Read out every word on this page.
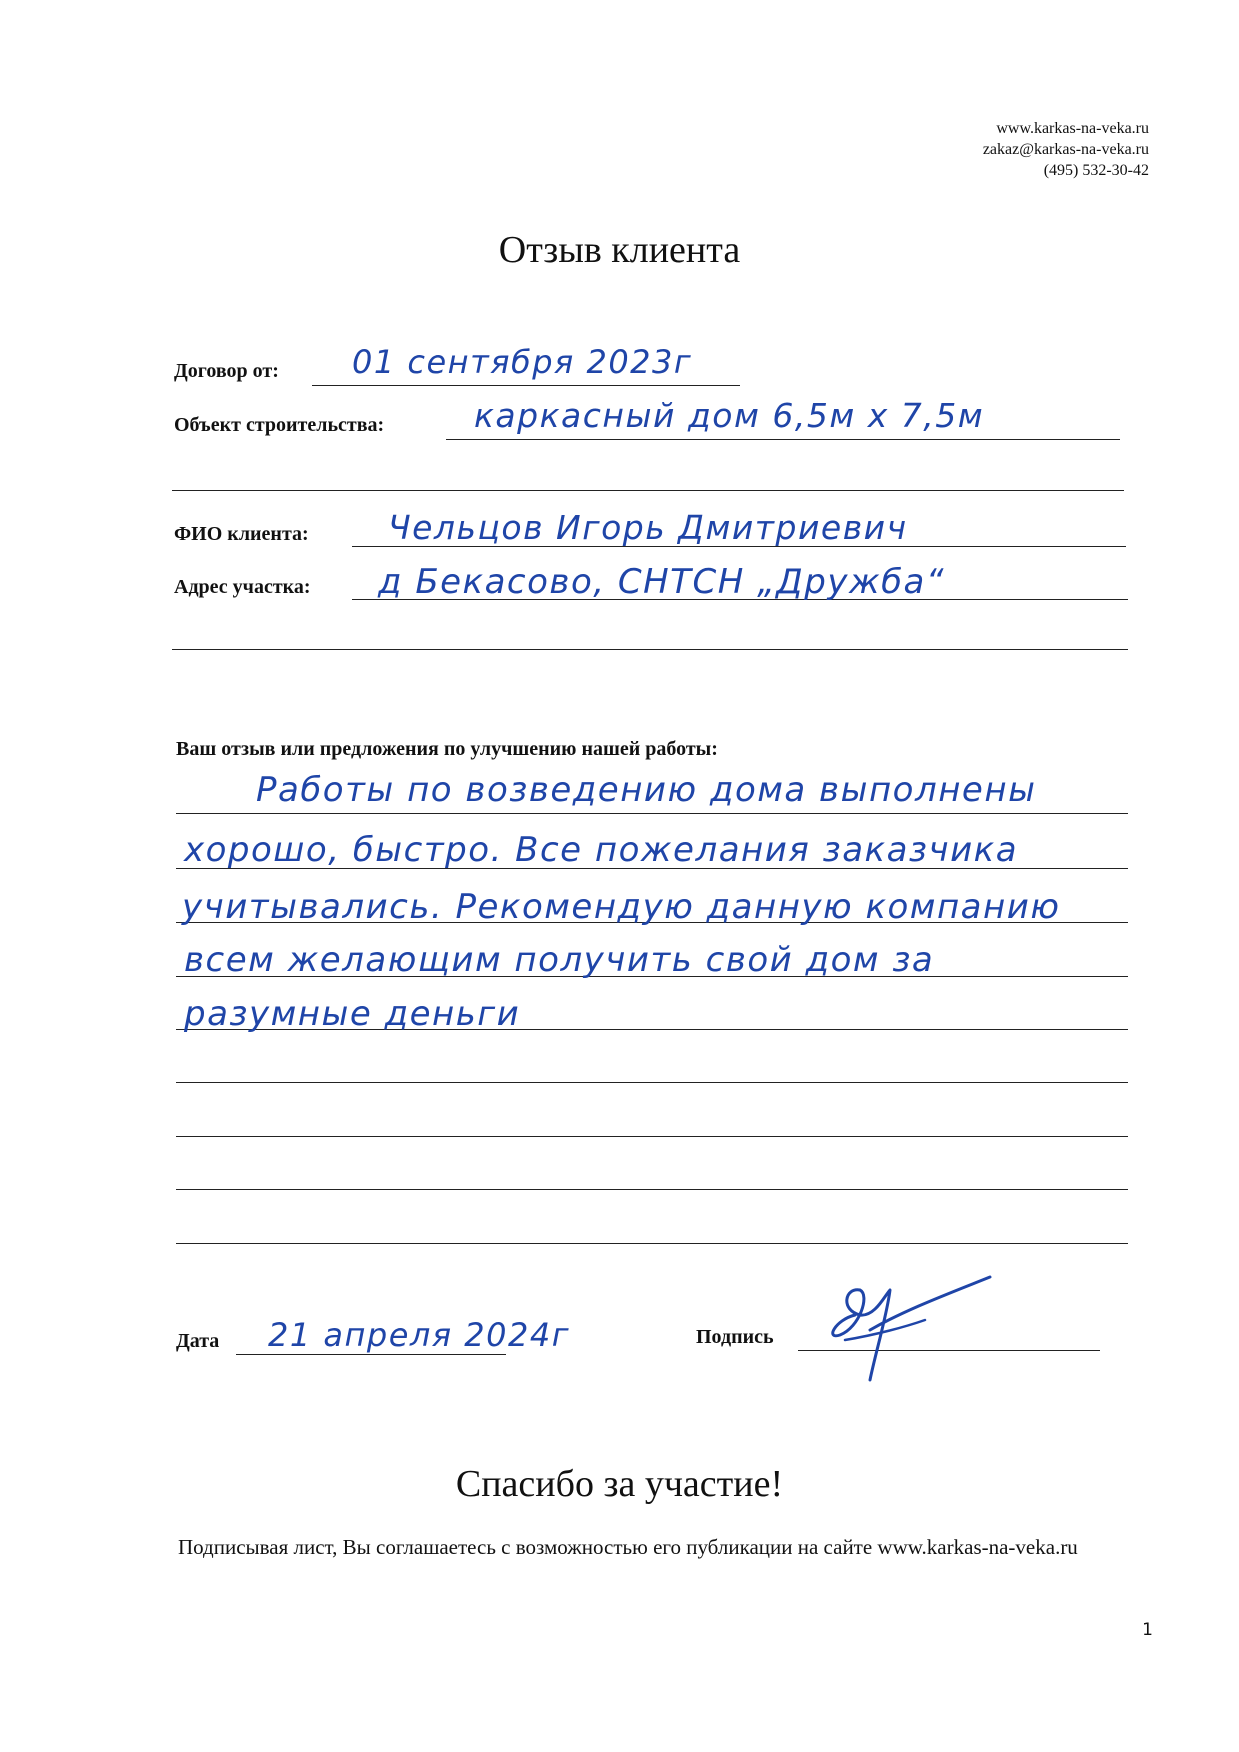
www.karkas-na-veka.ru
zakaz@karkas-na-veka.ru
(495) 532-30-42
Отзыв клиента
Договор от: 01 сентября 2023г
Объект строительства:	каркасный дом 6,5м х 7,5м
ФИО клиента: Чельцов Игорь Дмитриевич
Адрес участка: д Бекасово, СНТСН „Дружба“
Ваш отзыв или предложения по улучшению нашей работы:
Работы по возведению дома выполнены
хорошо, быстро. Все пожелания заказчика
учитывались. Рекомендую данную компанию
всем желающим получить свой дом за
разумные деньги
Дата 21 апреля 2024г	Подпись
Спасибо за участие!
Подписывая лист, Вы соглашаетесь с возможностью его публикации на сайте www.karkas-na-veka.ru
1
